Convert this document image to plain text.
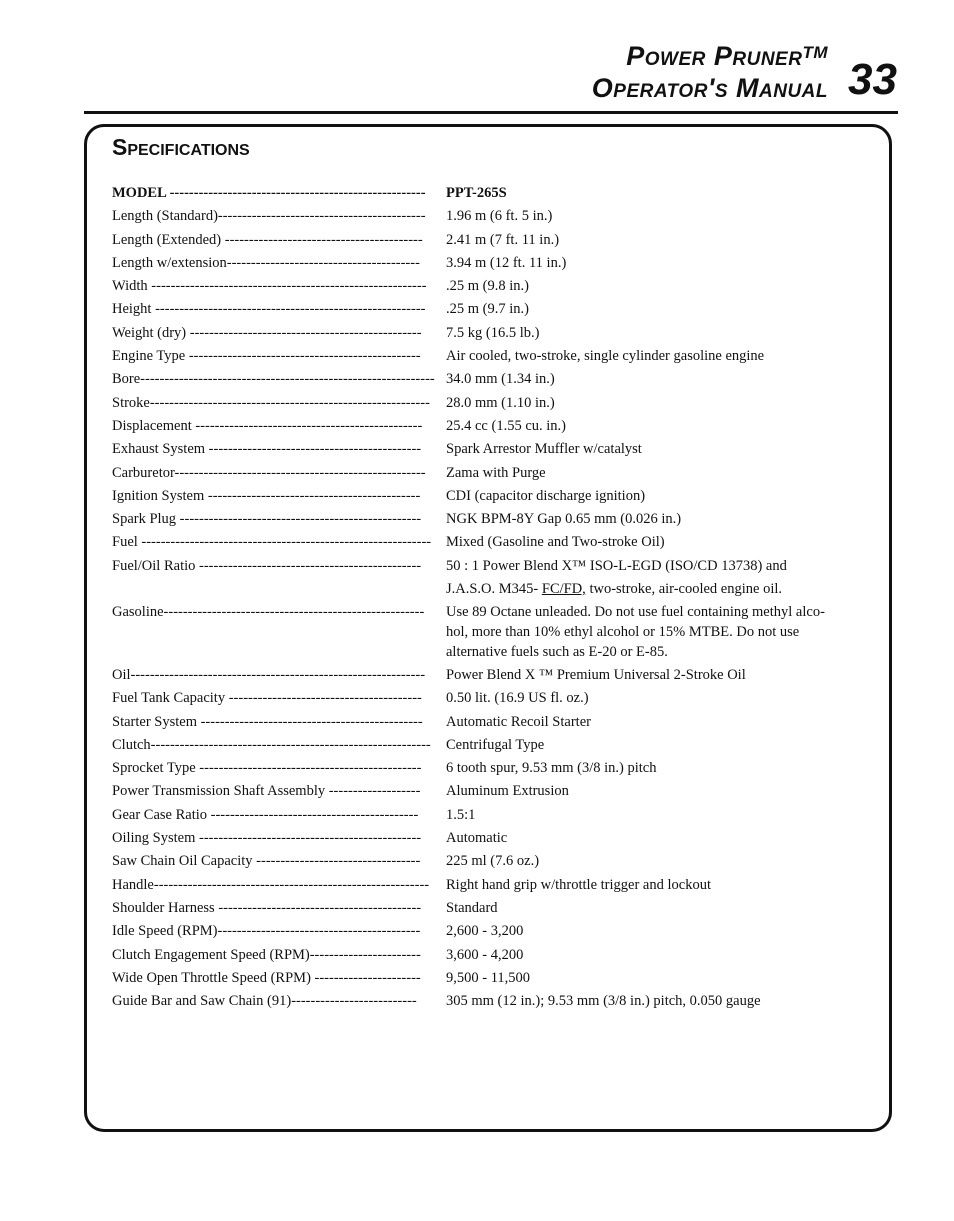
Power Pruner™
Operator's Manual 33
Specifications
MODEL -----------------------------------------------------	PPT-265S
Length (Standard)-------------------------------------------	1.96 m (6 ft. 5 in.)
Length (Extended) -----------------------------------------	2.41 m (7 ft. 11 in.)
Length w/extension----------------------------------------	3.94 m (12 ft. 11 in.)
Width ---------------------------------------------------------	.25 m (9.8 in.)
Height --------------------------------------------------------	.25 m (9.7 in.)
Weight (dry) ------------------------------------------------	7.5 kg (16.5 lb.)
Engine Type ------------------------------------------------	Air cooled, two-stroke, single cylinder gasoline engine
Bore------------------------------------------------------------- 34.0 mm (1.34 in.)
Stroke----------------------------------------------------------	28.0 mm (1.10 in.)
Displacement -----------------------------------------------	25.4 cc (1.55 cu. in.)
Exhaust System --------------------------------------------	Spark Arrestor Muffler w/catalyst
Carburetor----------------------------------------------------	Zama with Purge
Ignition System --------------------------------------------	CDI (capacitor discharge ignition)
Spark Plug --------------------------------------------------	NGK BPM-8Y Gap 0.65 mm (0.026 in.)
Fuel ------------------------------------------------------------	Mixed (Gasoline and Two-stroke Oil)
Fuel/Oil Ratio ----------------------------------------------	50 : 1 Power Blend X™ ISO-L-EGD (ISO/CD 13738) and
J.A.S.O. M345- FC/FD, two-stroke, air-cooled engine oil.
Gasoline------------------------------------------------------	Use 89 Octane unleaded. Do not use fuel containing methyl alco-
hol, more than 10% ethyl alcohol or 15% MTBE. Do not use
alternative fuels such as E-20 or E-85.
Oil-------------------------------------------------------------	Power Blend X ™ Premium Universal 2-Stroke Oil
Fuel Tank Capacity ----------------------------------------	0.50 lit. (16.9 US fl. oz.)
Starter System ----------------------------------------------	Automatic Recoil Starter
Clutch----------------------------------------------------------	Centrifugal Type
Sprocket Type ----------------------------------------------	6 tooth spur, 9.53 mm (3/8 in.) pitch
Power Transmission Shaft Assembly -------------------	Aluminum Extrusion
Gear Case Ratio -------------------------------------------	1.5:1
Oiling System ----------------------------------------------	Automatic
Saw Chain Oil Capacity ----------------------------------	225 ml (7.6 oz.)
Handle---------------------------------------------------------	Right hand grip w/throttle trigger and lockout
Shoulder Harness ------------------------------------------	Standard
Idle Speed (RPM)------------------------------------------	2,600 - 3,200
Clutch Engagement Speed (RPM)-----------------------	3,600 - 4,200
Wide Open Throttle Speed (RPM) ----------------------	9,500 - 11,500
Guide Bar and Saw Chain (91)--------------------------	305 mm (12 in.); 9.53 mm (3/8 in.) pitch, 0.050 gauge
